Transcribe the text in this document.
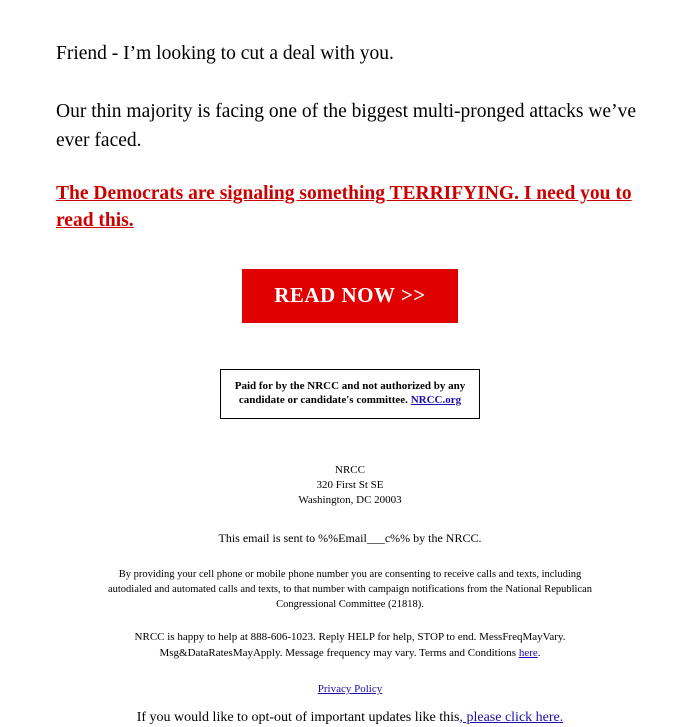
Friend - I’m looking to cut a deal with you.

Our thin majority is facing one of the biggest multi-pronged attacks we’ve ever faced.

The Democrats are signaling something TERRIFYING. I need you to read this.
READ NOW >>
Paid for by the NRCC and not authorized by any
candidate or candidate's committee. NRCC.org
NRCC
320 First St SE
Washington, DC 20003
This email is sent to %%Email___c%% by the NRCC.
By providing your cell phone or mobile phone number you are consenting to receive calls and texts, including autodialed and automated calls and texts, to that number with campaign notifications from the National Republican Congressional Committee (21818).
NRCC is happy to help at 888-606-1023. Reply HELP for help, STOP to end. MessFreqMayVary. Msg&DataRatesMayApply. Message frequency may vary. Terms and Conditions here.
Privacy Policy
If you would like to opt-out of important updates like this, please click here.
